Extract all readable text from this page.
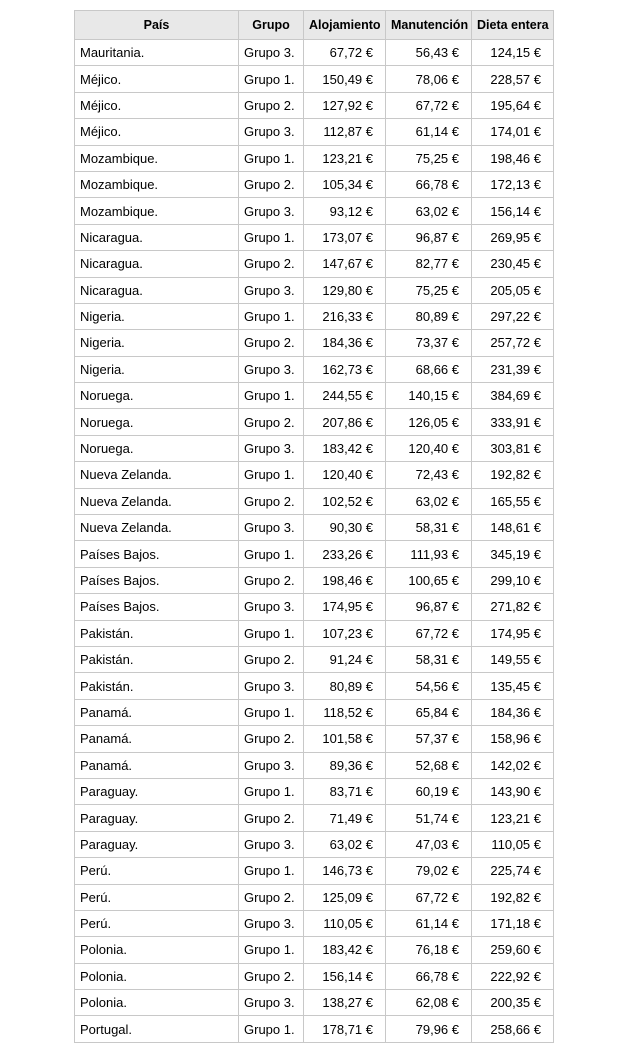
País	Grupo	Alojamiento	Manutención	Dieta entera
Mauritania.	Grupo 3.	67,72 €	56,43 €	124,15 €
Méjico.	Grupo 1.	150,49 €	78,06 €	228,57 €
Méjico.	Grupo 2.	127,92 €	67,72 €	195,64 €
Méjico.	Grupo 3.	112,87 €	61,14 €	174,01 €
Mozambique.	Grupo 1.	123,21 €	75,25 €	198,46 €
Mozambique.	Grupo 2.	105,34 €	66,78 €	172,13 €
Mozambique.	Grupo 3.	93,12 €	63,02 €	156,14 €
Nicaragua.	Grupo 1.	173,07 €	96,87 €	269,95 €
Nicaragua.	Grupo 2.	147,67 €	82,77 €	230,45 €
Nicaragua.	Grupo 3.	129,80 €	75,25 €	205,05 €
Nigeria.	Grupo 1.	216,33 €	80,89 €	297,22 €
Nigeria.	Grupo 2.	184,36 €	73,37 €	257,72 €
Nigeria.	Grupo 3.	162,73 €	68,66 €	231,39 €
Noruega.	Grupo 1.	244,55 €	140,15 €	384,69 €
Noruega.	Grupo 2.	207,86 €	126,05 €	333,91 €
Noruega.	Grupo 3.	183,42 €	120,40 €	303,81 €
Nueva Zelanda.	Grupo 1.	120,40 €	72,43 €	192,82 €
Nueva Zelanda.	Grupo 2.	102,52 €	63,02 €	165,55 €
Nueva Zelanda.	Grupo 3.	90,30 €	58,31 €	148,61 €
Países Bajos.	Grupo 1.	233,26 €	111,93 €	345,19 €
Países Bajos.	Grupo 2.	198,46 €	100,65 €	299,10 €
Países Bajos.	Grupo 3.	174,95 €	96,87 €	271,82 €
Pakistán.	Grupo 1.	107,23 €	67,72 €	174,95 €
Pakistán.	Grupo 2.	91,24 €	58,31 €	149,55 €
Pakistán.	Grupo 3.	80,89 €	54,56 €	135,45 €
Panamá.	Grupo 1.	118,52 €	65,84 €	184,36 €
Panamá.	Grupo 2.	101,58 €	57,37 €	158,96 €
Panamá.	Grupo 3.	89,36 €	52,68 €	142,02 €
Paraguay.	Grupo 1.	83,71 €	60,19 €	143,90 €
Paraguay.	Grupo 2.	71,49 €	51,74 €	123,21 €
Paraguay.	Grupo 3.	63,02 €	47,03 €	110,05 €
Perú.	Grupo 1.	146,73 €	79,02 €	225,74 €
Perú.	Grupo 2.	125,09 €	67,72 €	192,82 €
Perú.	Grupo 3.	110,05 €	61,14 €	171,18 €
Polonia.	Grupo 1.	183,42 €	76,18 €	259,60 €
Polonia.	Grupo 2.	156,14 €	66,78 €	222,92 €
Polonia.	Grupo 3.	138,27 €	62,08 €	200,35 €
Portugal.	Grupo 1.	178,71 €	79,96 €	258,66 €
